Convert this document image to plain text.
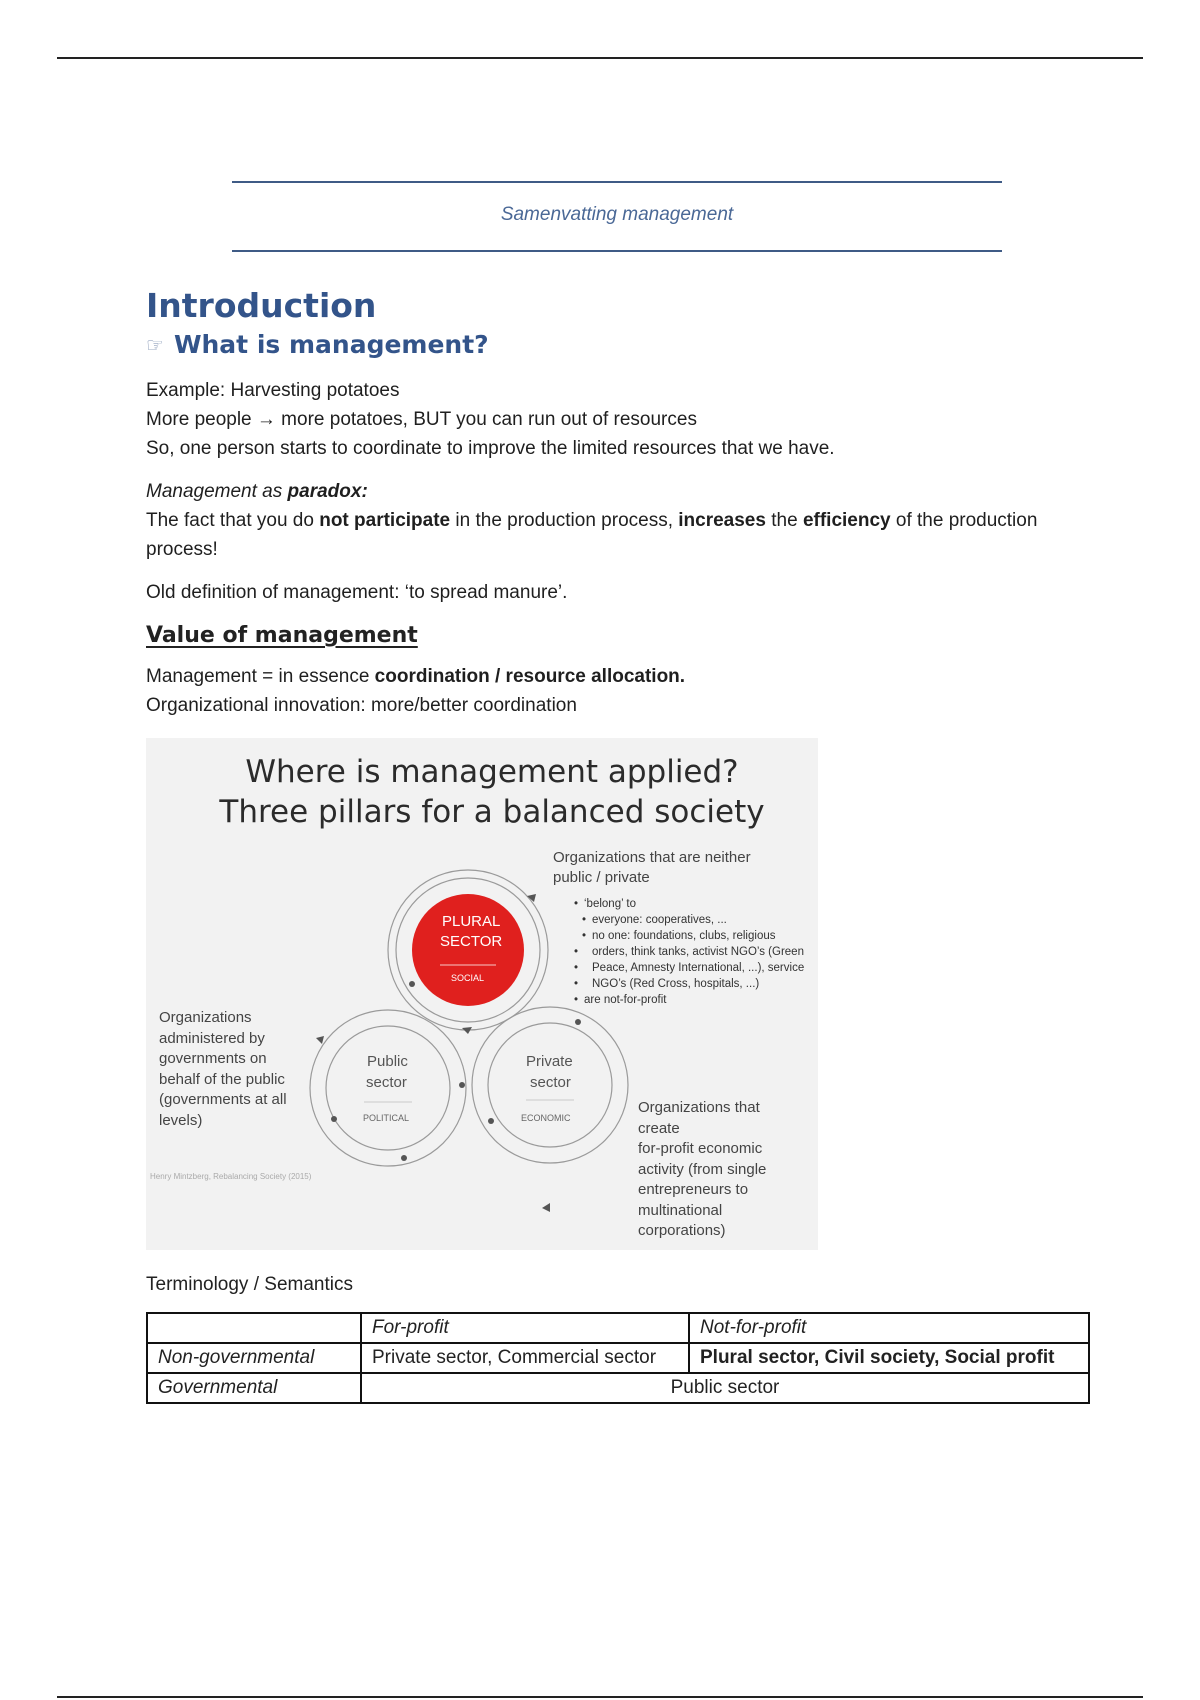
Samenvatting management
Introduction
☞ What is management?

Example: Harvesting potatoes

More people → more potatoes, BUT you can run out of resources

So, one person starts to coordinate to improve the limited resources that we have.

Management as paradox:

The fact that you do not participate in the production process, increases the efficiency of the production process!

Old definition of management: ‘to spread manure’.

Value of management

Management = in essence coordination / resource allocation.

Organizational innovation: more/better coordination

Where is management applied?
Three pillars for a balanced society
PLURAL
SECTOR
SOCIAL
Public
sector
POLITICAL
Private
sector
ECONOMIC
Organizations that are neither
public / private
• ‘belong’ to
• everyone: cooperatives, ...
• no one: foundations, clubs, religious
• orders, think tanks, activist NGO’s (Green
• Peace, Amnesty International, ...), service
• NGO’s (Red Cross, hospitals, ...)
• are not-for-profit
Organizations
administered by
governments on
behalf of the public
(governments at all
levels)
Organizations that
create
for-profit economic
activity (from single
entrepreneurs to
multinational
corporations)
Henry Mintzberg, Rebalancing Society (2015)

Terminology / Semantics

	For-profit	Not-for-profit
Non-governmental	Private sector, Commercial sector	Plural sector, Civil society, Social profit
Governmental	Public sector	
